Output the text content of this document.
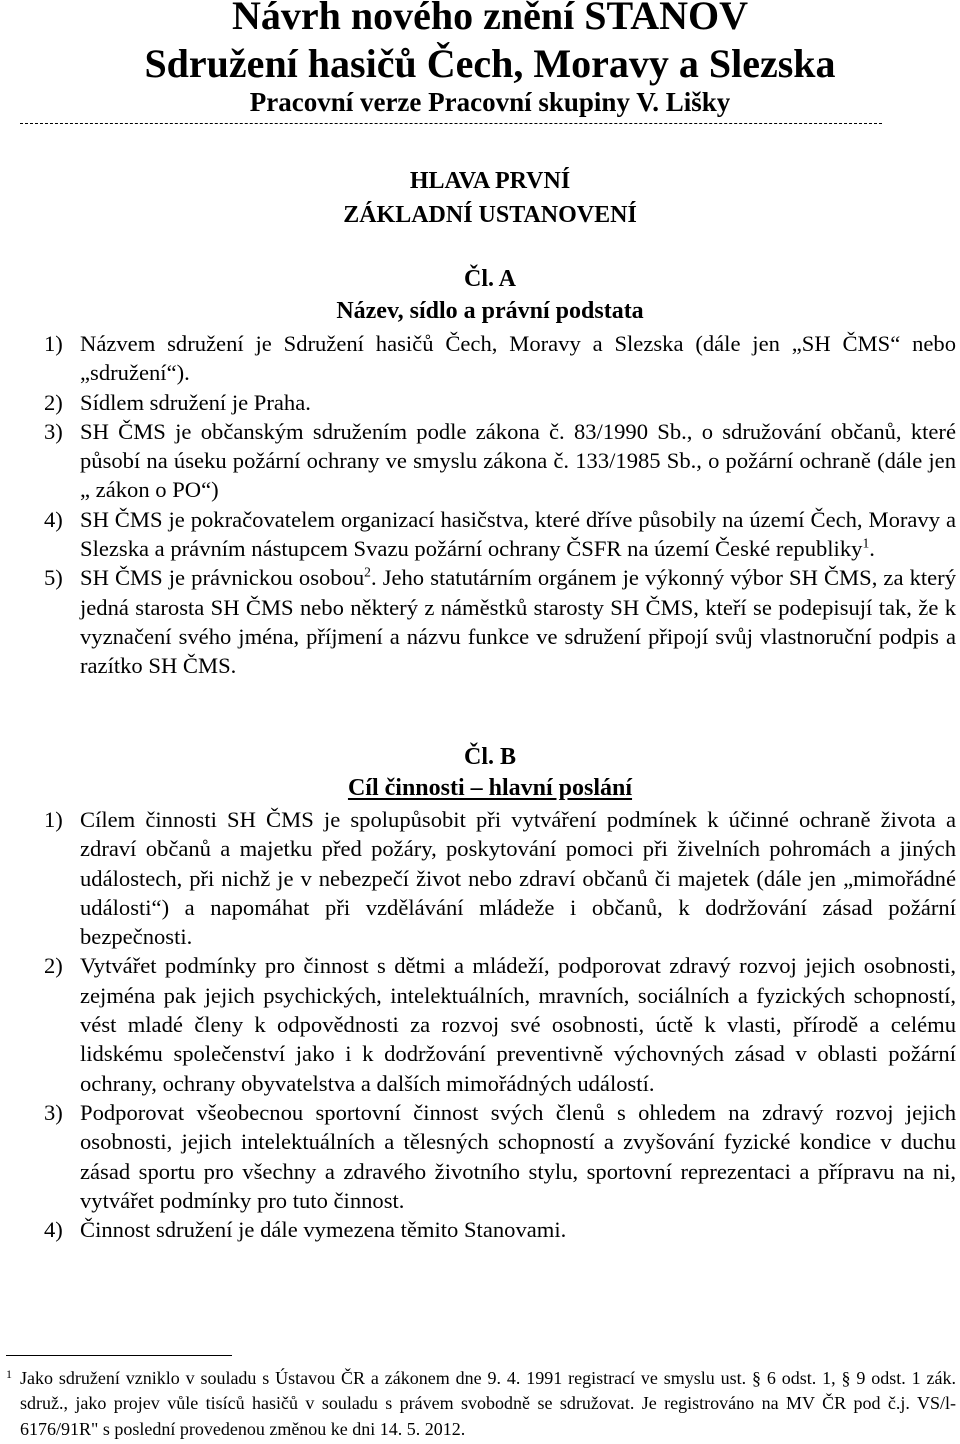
Návrh nového znění STANOV
Sdružení hasičů Čech, Moravy a Slezska
Pracovní verze Pracovní skupiny V. Lišky
HLAVA PRVNÍ
ZÁKLADNÍ USTANOVENÍ
Čl. A
Název, sídlo a právní podstata
1) Názvem sdružení je Sdružení hasičů Čech, Moravy a Slezska (dále jen „SH ČMS“ nebo „sdružení“).
2) Sídlem sdružení je Praha.
3) SH ČMS je občanským sdružením podle zákona č. 83/1990 Sb., o sdružování občanů, které působí na úseku požární ochrany ve smyslu zákona č. 133/1985 Sb., o požární ochraně (dále jen „ zákon o PO“)
4) SH ČMS je pokračovatelem organizací hasičstva, které dříve působily na území Čech, Moravy a Slezska a právním nástupcem Svazu požární ochrany ČSFR na území České republiky$^1$.
5) SH ČMS je právnickou osobou$^2$. Jeho statutárním orgánem je výkonný výbor SH ČMS, za který jedná starosta SH ČMS nebo některý z náměstků starosty SH ČMS, kteří se podepisují tak, že k vyznačení svého jména, příjmení a názvu funkce ve sdružení připojí svůj vlastnoruční podpis a razítko SH ČMS.
Čl. B
Cíl činnosti – hlavní poslání
1) Cílem činnosti SH ČMS je spolupůsobit při vytváření podmínek k účinné ochraně života a zdraví občanů a majetku před požáry, poskytování pomoci při živelních pohromách a jiných událostech, při nichž je v nebezpečí život nebo zdraví občanů či majetek (dále jen „mimořádné události“) a napomáhat při vzdělávání mládeže i občanů, k dodržování zásad požární bezpečnosti.
2) Vytvářet podmínky pro činnost s dětmi a mládeží, podporovat zdravý rozvoj jejich osobnosti, zejména pak jejich psychických, intelektuálních, mravních, sociálních a fyzických schopností, vést mladé členy k odpovědnosti za rozvoj své osobnosti, úctě k vlasti, přírodě a celému lidskému společenství jako i k dodržování preventivně výchovných zásad v oblasti požární ochrany, ochrany obyvatelstva a dalších mimořádných událostí.
3) Podporovat všeobecnou sportovní činnost svých členů s ohledem na zdravý rozvoj jejich osobnosti, jejich intelektuálních a tělesných schopností a zvyšování fyzické kondice v duchu zásad sportu pro všechny a zdravého životního stylu, sportovní reprezentaci a přípravu na ni, vytvářet podmínky pro tuto činnost.
4) Činnost sdružení je dále vymezena těmito Stanovami.
1 Jako sdružení vzniklo v souladu s Ústavou ČR a zákonem dne 9. 4. 1991 registrací ve smyslu ust. § 6 odst. 1, § 9 odst. 1 zák. sdruž., jako projev vůle tisíců hasičů v souladu s právem svobodně se sdružovat. Je registrováno na MV ČR pod č.j. VS/l-6176/91R" s poslední provedenou změnou ke dni 14. 5. 2012.
